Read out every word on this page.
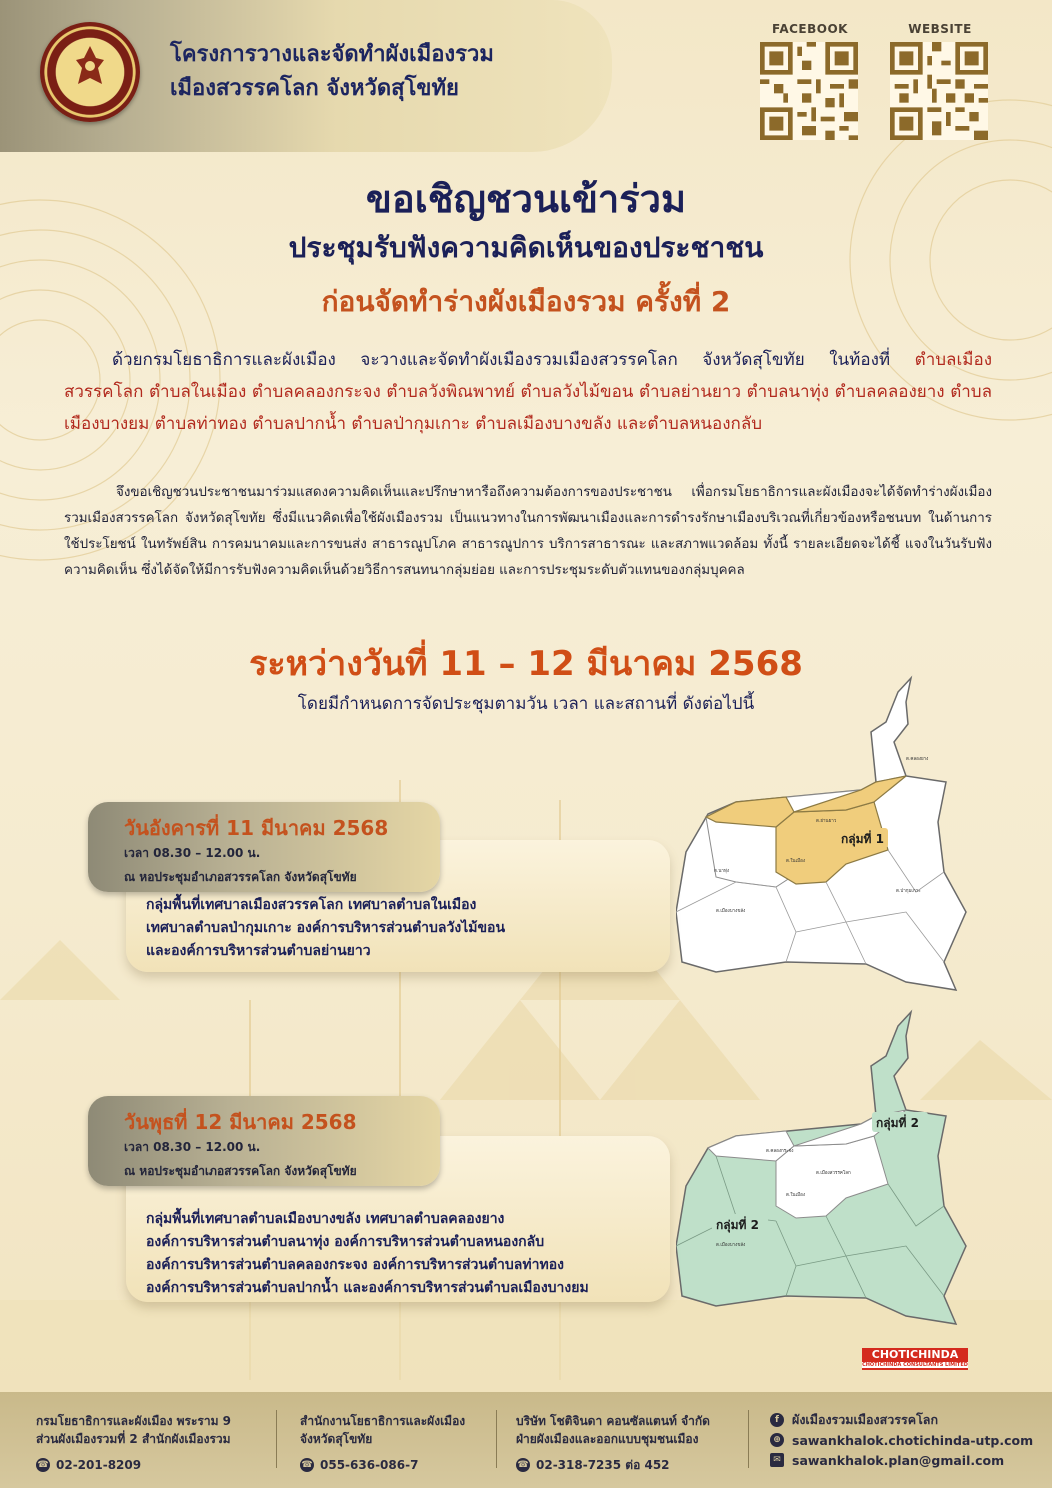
โครงการวางและจัดทำผังเมืองรวม
เมืองสวรรคโลก จังหวัดสุโขทัย
FACEBOOK	WEBSITE
ขอเชิญชวนเข้าร่วม
ประชุมรับฟังความคิดเห็นของประชาชน
ก่อนจัดทำร่างผังเมืองรวม ครั้งที่ 2
ด้วยกรมโยธาธิการและผังเมือง จะวางและจัดทำผังเมืองรวมเมืองสวรรคโลก จังหวัดสุโขทัย ในท้องที่ ตำบลเมืองสวรรคโลก ตำบลในเมือง ตำบลคลองกระจง ตำบลวังพิณพาทย์ ตำบลวังไม้ขอน ตำบลย่านยาว ตำบลนาทุ่ง ตำบลคลองยาง ตำบลเมืองบางยม ตำบลท่าทอง ตำบลปากน้ำ ตำบลป่ากุมเกาะ ตำบลเมืองบางขลัง และตำบลหนองกลับ
จึงขอเชิญชวนประชาชนมาร่วมแสดงความคิดเห็นและปรึกษาหารือถึงความต้องการของประชาชน เพื่อกรมโยธาธิการและผังเมืองจะได้จัดทำร่างผังเมืองรวมเมืองสวรรคโลก จังหวัดสุโขทัย ซึ่งมีแนวคิดเพื่อใช้ผังเมืองรวม เป็นแนวทางในการพัฒนาเมืองและการดำรงรักษาเมืองบริเวณที่เกี่ยวข้องหรือชนบท ในด้านการใช้ประโยชน์ ในทรัพย์สิน การคมนาคมและการขนส่ง สาธารณูปโภค สาธารณูปการ บริการสาธารณะ และสภาพแวดล้อม ทั้งนี้ รายละเอียดจะได้ชี้ แจงในวันรับฟังความคิดเห็น ซึ่งได้จัดให้มีการรับฟังความคิดเห็นด้วยวิธีการสนทนากลุ่มย่อย และการประชุมระดับตัวแทนของกลุ่มบุคคล
ระหว่างวันที่ 11 – 12 มีนาคม 2568
โดยมีกำหนดการจัดประชุมตามวัน เวลา และสถานที่ ดังต่อไปนี้
ต.คลองยาง
ต.ย่านยาว
ต.นาทุ่ง
ต.ในเมือง
ต.เมืองบางขลัง
ต.ป่ากุมเกาะ
กลุ่มที่ 1
ต.คลองกระจง
ต.เมืองสวรรคโลก
ต.ในเมือง
ต.เมืองบางขลัง
กลุ่มที่ 2
กลุ่มที่ 2
กลุ่มพื้นที่เทศบาลเมืองสวรรคโลก เทศบาลตำบลในเมือง
เทศบาลตำบลป่ากุมเกาะ องค์การบริหารส่วนตำบลวังไม้ขอน
และองค์การบริหารส่วนตำบลย่านยาว
วันอังคารที่ 11 มีนาคม 2568
เวลา 08.30 – 12.00 น.
ณ หอประชุมอำเภอสวรรคโลก จังหวัดสุโขทัย
กลุ่มพื้นที่เทศบาลตำบลเมืองบางขลัง เทศบาลตำบลคลองยาง
องค์การบริหารส่วนตำบลนาทุ่ง องค์การบริหารส่วนตำบลหนองกลับ
องค์การบริหารส่วนตำบลคลองกระจง องค์การบริหารส่วนตำบลท่าทอง
องค์การบริหารส่วนตำบลปากน้ำ และองค์การบริหารส่วนตำบลเมืองบางยม
วันพุธที่ 12 มีนาคม 2568
เวลา 08.30 – 12.00 น.
ณ หอประชุมอำเภอสวรรคโลก จังหวัดสุโขทัย
CHOTICHINDA
CHOTICHINDA CONSULTANTS LIMITED
กรมโยธาธิการและผังเมือง พระราม 9
ส่วนผังเมืองรวมที่ 2 สำนักผังเมืองรวม
☎ 02-201-8209
สำนักงานโยธาธิการและผังเมือง
จังหวัดสุโขทัย
☎ 055-636-086-7
บริษัท โชติจินดา คอนซัลแตนท์ จำกัด
ฝ่ายผังเมืองและออกแบบชุมชนเมือง
☎ 02-318-7235 ต่อ 452
f	ผังเมืองรวมเมืองสวรรคโลก
⊕ sawankhalok.chotichinda-utp.com
✉ sawankhalok.plan@gmail.com
